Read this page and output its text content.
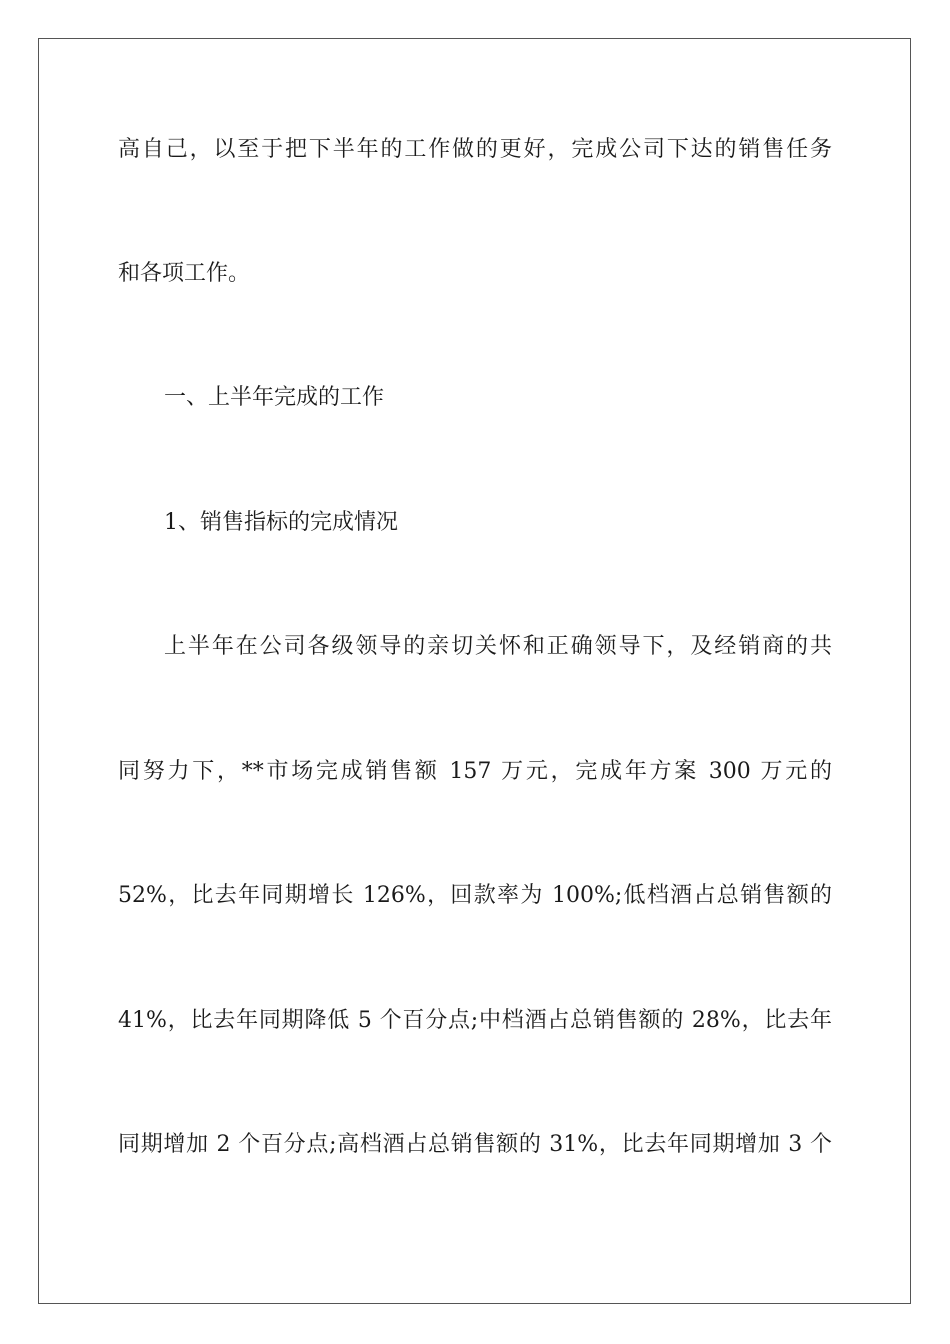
高自己，以至于把下半年的工作做的更好，完成公司下达的销售任务
和各项工作。
一、上半年完成的工作
1、销售指标的完成情况
上半年在公司各级领导的亲切关怀和正确领导下，及经销商的共
同努力下，**市场完成销售额 157 万元，完成年方案 300 万元的
52%，比去年同期增长 126%，回款率为 100%;低档酒占总销售额的
41%，比去年同期降低 5 个百分点;中档酒占总销售额的 28%，比去年
同期增加 2 个百分点;高档酒占总销售额的 31%，比去年同期增加 3 个
